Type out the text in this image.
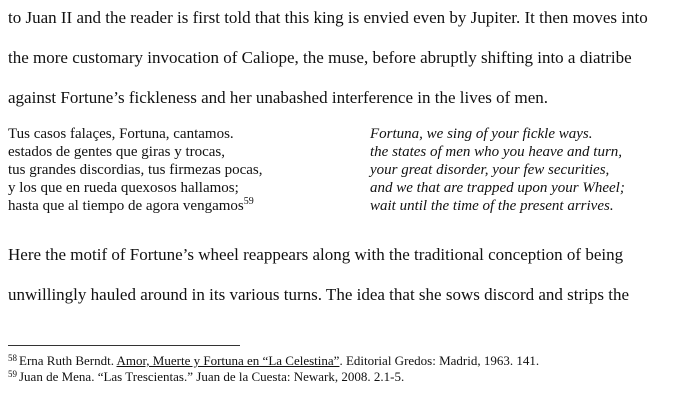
to Juan II and the reader is first told that this king is envied even by Jupiter. It then moves into
the more customary invocation of Caliope, the muse, before abruptly shifting into a diatribe
against Fortune’s fickleness and her unabashed interference in the lives of men.
Tus casos falaçes, Fortuna, cantamos.
estados de gentes que giras y trocas,
tus grandes discordias, tus firmezas pocas,
y los que en rueda quexosos hallamos;
hasta que al tiempo de agora vengamos$^{59}$
Fortuna, we sing of your fickle ways.
the states of men who you heave and turn,
your great disorder, your few securities,
and we that are trapped upon your Wheel;
wait until the time of the present arrives.
Here the motif of Fortune’s wheel reappears along with the traditional conception of being
unwillingly hauled around in its various turns. The idea that she sows discord and strips the
$^{58}$ Erna Ruth Berndt. Amor, Muerte y Fortuna en “La Celestina”. Editorial Gredos: Madrid, 1963. 141.
$^{59}$ Juan de Mena. “Las Trescientas.” Juan de la Cuesta: Newark, 2008. 2.1-5.
